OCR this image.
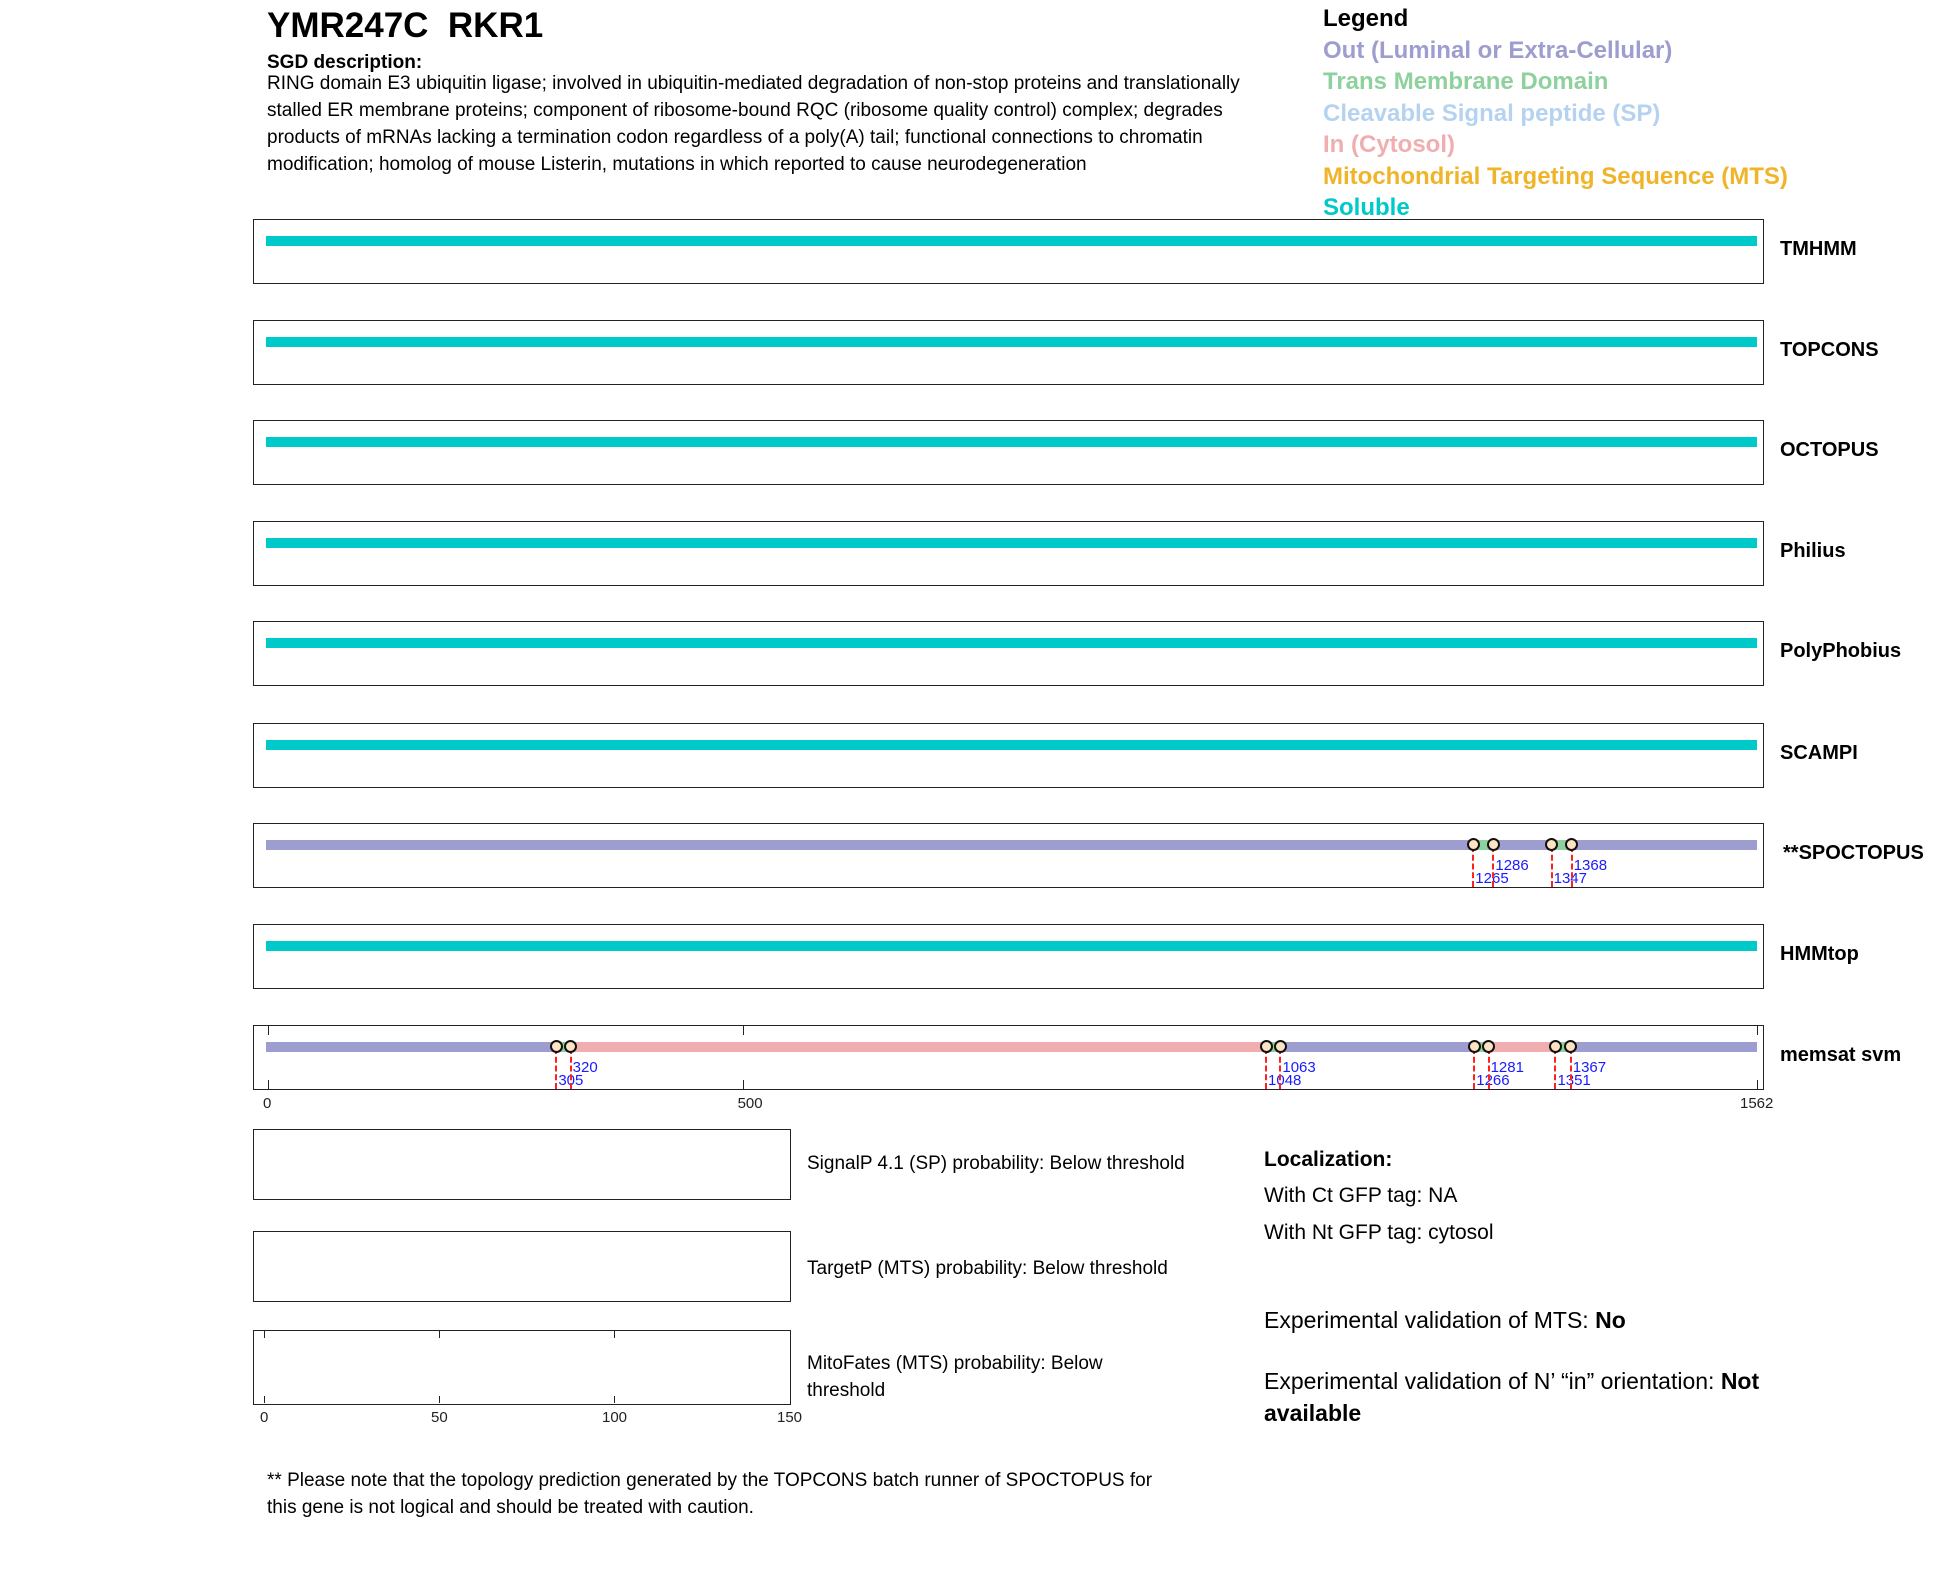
YMR247C  RKR1
SGD description:
RING domain E3 ubiquitin ligase; involved in ubiquitin-mediated degradation of non-stop proteins and translationally stalled ER membrane proteins; component of ribosome-bound RQC (ribosome quality control) complex; degrades products of mRNAs lacking a termination codon regardless of a poly(A) tail; functional connections to chromatin modification; homolog of mouse Listerin, mutations in which reported to cause neurodegeneration
Legend
Out (Luminal or Extra-Cellular)
Trans Membrane Domain
Cleavable Signal peptide (SP)
In (Cytosol)
Mitochondrial Targeting Sequence (MTS)
Soluble
TMHMM
TOPCONS
OCTOPUS
Philius
PolyPhobius
SCAMPI
1265
1286
1347
1368
**SPOCTOPUS
HMMtop
0	500	1562
305
320
1048
1063
1266
1281
1351
1367
memsat svm
SignalP 4.1 (SP) probability: Below threshold
TargetP (MTS) probability: Below threshold
MitoFates (MTS) probability: Below threshold
0	50	100	150
Localization:
With Ct GFP tag: NA
With Nt GFP tag: cytosol
Experimental validation of MTS: No
Experimental validation of N’ “in” orientation: Not available
** Please note that the topology prediction generated by the TOPCONS batch runner of SPOCTOPUS for this gene is not logical and should be treated with caution.
